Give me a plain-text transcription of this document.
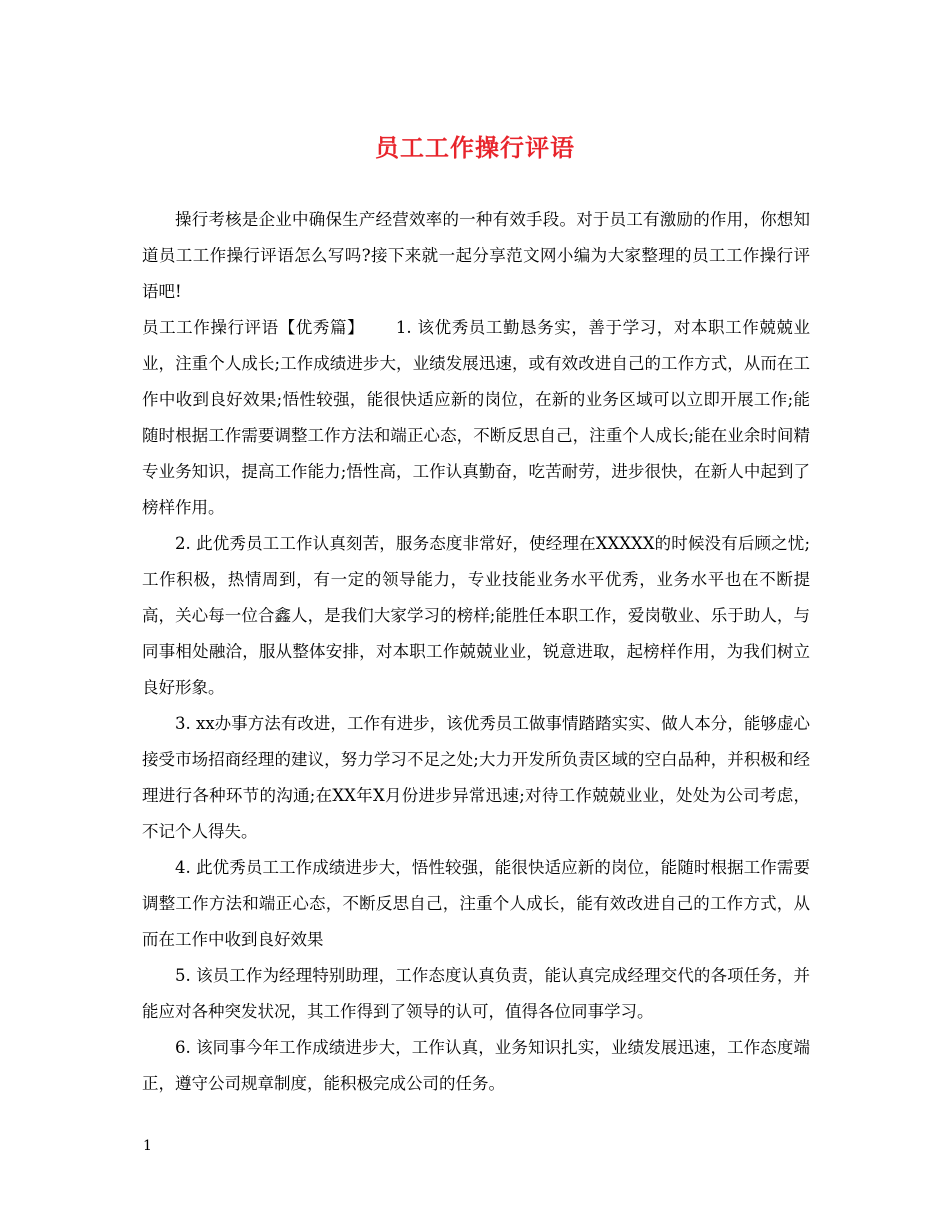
员工工作操行评语

操行考核是企业中确保生产经营效率的一种有效手段。对于员工有激励的作用，你想知道员工工作操行评语怎么写吗?接下来就一起分享范文网小编为大家整理的员工工作操行评语吧!

员工工作操行评语【优秀篇】　　 1. 该优秀员工勤恳务实，善于学习，对本职工作兢兢业业，注重个人成长;工作成绩进步大，业绩发展迅速，或有效改进自己的工作方式，从而在工作中收到良好效果;悟性较强，能很快适应新的岗位，在新的业务区域可以立即开展工作;能随时根据工作需要调整工作方法和端正心态，不断反思自己，注重个人成长;能在业余时间精专业务知识，提高工作能力;悟性高，工作认真勤奋，吃苦耐劳，进步很快，在新人中起到了榜样作用。

2. 此优秀员工工作认真刻苦，服务态度非常好，使经理在XXXXX的时候没有后顾之忧;工作积极，热情周到，有一定的领导能力，专业技能业务水平优秀，业务水平也在不断提高，关心每一位合鑫人，是我们大家学习的榜样;能胜任本职工作，爱岗敬业、乐于助人，与同事相处融洽，服从整体安排，对本职工作兢兢业业，锐意进取，起榜样作用，为我们树立良好形象。

3. xx办事方法有改进，工作有进步，该优秀员工做事情踏踏实实、做人本分，能够虚心接受市场招商经理的建议，努力学习不足之处;大力开发所负责区域的空白品种，并积极和经理进行各种环节的沟通;在XX年X月份进步异常迅速;对待工作兢兢业业，处处为公司考虑，不记个人得失。

4. 此优秀员工工作成绩进步大，悟性较强，能很快适应新的岗位，能随时根据工作需要调整工作方法和端正心态，不断反思自己，注重个人成长，能有效改进自己的工作方式，从而在工作中收到良好效果

5. 该员工作为经理特别助理，工作态度认真负责，能认真完成经理交代的各项任务，并能应对各种突发状况，其工作得到了领导的认可，值得各位同事学习。

6. 该同事今年工作成绩进步大，工作认真，业务知识扎实，业绩发展迅速，工作态度端正，遵守公司规章制度，能积极完成公司的任务。

1
